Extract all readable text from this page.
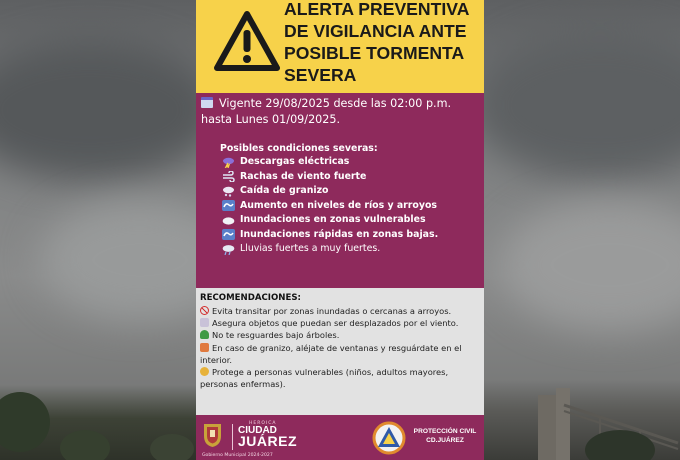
ALERTA PREVENTIVA
DE VIGILANCIA ANTE
POSIBLE TORMENTA
SEVERA
Vigente 29/08/2025 desde las 02:00 p.m. hasta Lunes 01/09/2025.
Posibles condiciones severas:
Descargas eléctricas
Rachas de viento fuerte
Caída de granizo
Aumento en niveles de ríos y arroyos
Inundaciones en zonas vulnerables
Inundaciones rápidas en zonas bajas.
Lluvias fuertes a muy fuertes.
RECOMENDACIONES:
Evita transitar por zonas inundadas o cercanas a arroyos.
Asegura objetos que puedan ser desplazados por el viento.
No te resguardes bajo árboles.
En caso de granizo, aléjate de ventanas y resguárdate en el interior.
Protege a personas vulnerables (niños, adultos mayores, personas enfermas).
HEROICA
CIUDAD
JUÁREZ
Gobierno Municipal 2024-2027
PROTECCIÓN CIVIL
CD.JUÁREZ
